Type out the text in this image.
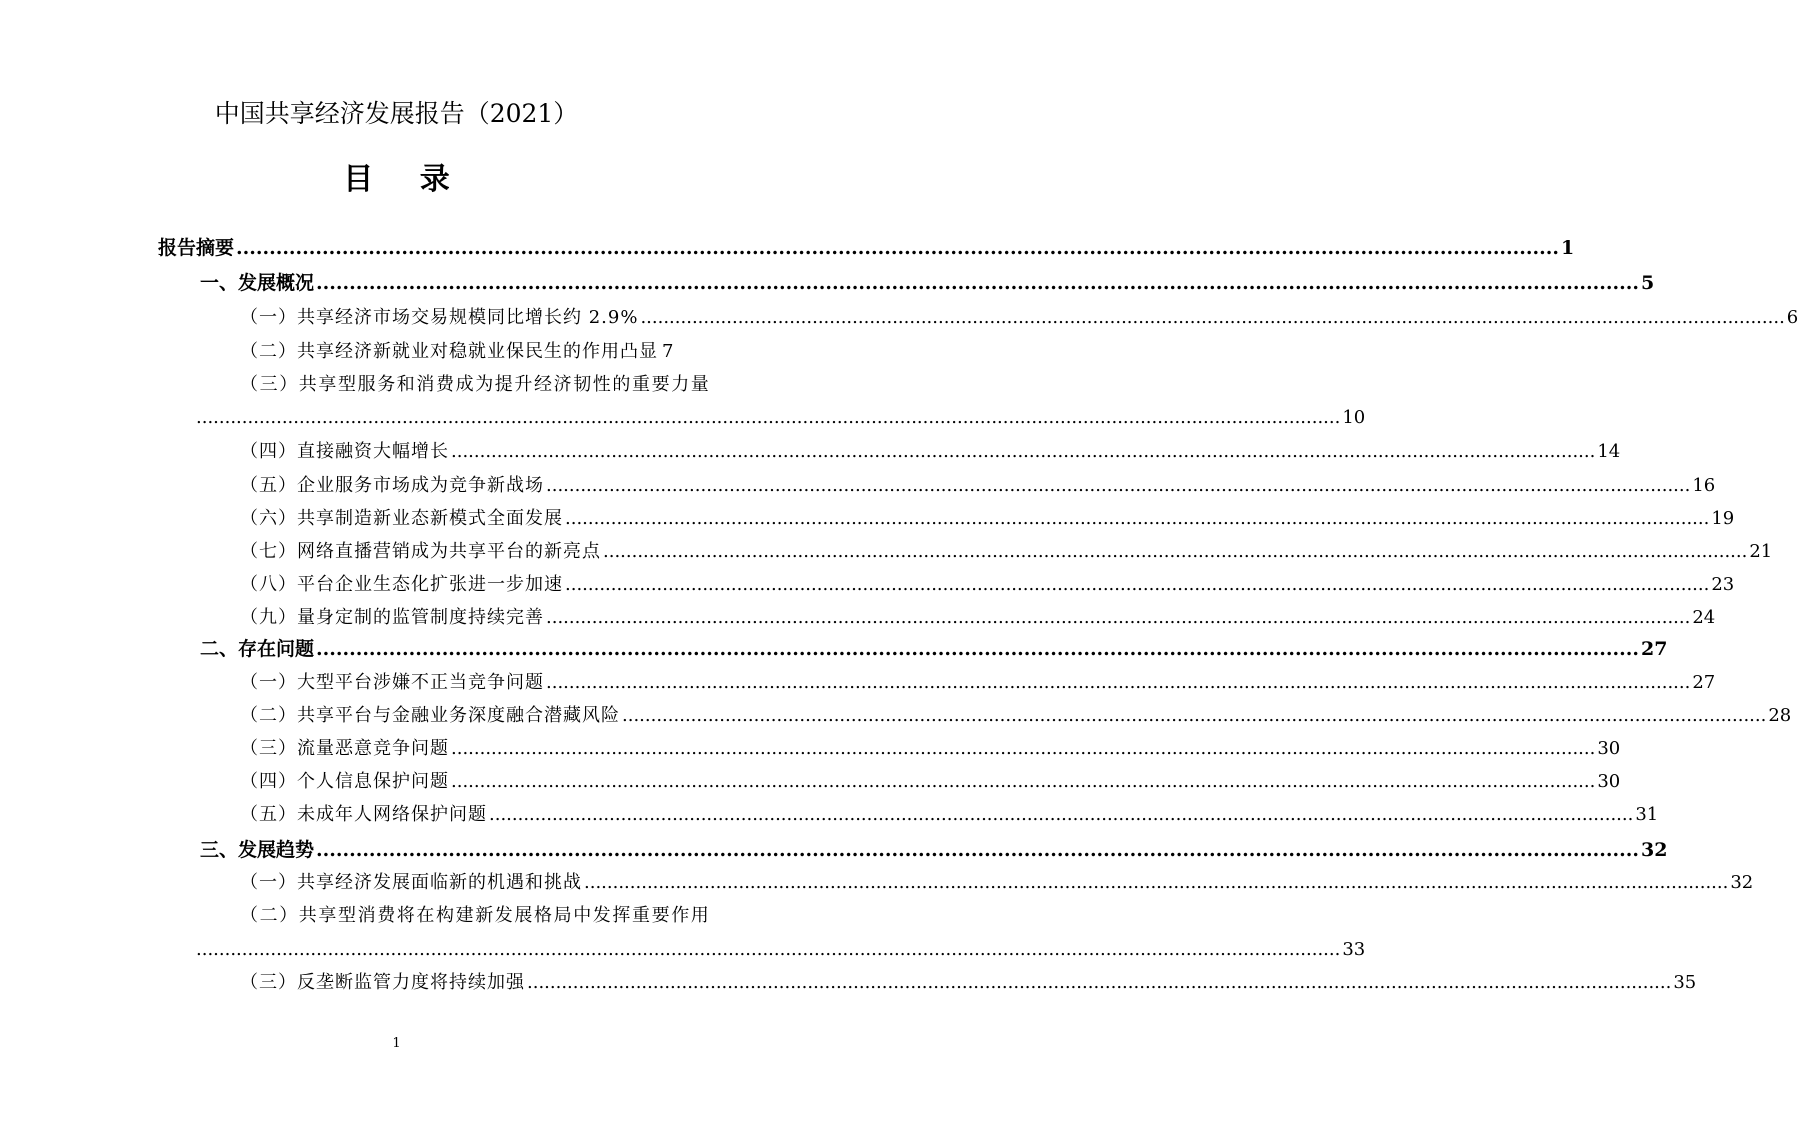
中国共享经济发展报告（2021）
目 录
报告摘要 ........................................................................................................................................................................................................ 1
一、发展概况 ........................................................................................................................................................................................................ 5
（一）共享经济市场交易规模同比增长约 2.9% ........................................................................................................................................................................................................ 6
（二）共享经济新就业对稳就业保民生的作用凸显 7
（三）共享型服务和消费成为提升经济韧性的重要力量
........................................................................................................................................................................................................ 10
（四）直接融资大幅增长 ........................................................................................................................................................................................................ 14
（五）企业服务市场成为竞争新战场 ........................................................................................................................................................................................................ 16
（六）共享制造新业态新模式全面发展 ........................................................................................................................................................................................................ 19
（七）网络直播营销成为共享平台的新亮点 ........................................................................................................................................................................................................ 21
（八）平台企业生态化扩张进一步加速 ........................................................................................................................................................................................................ 23
（九）量身定制的监管制度持续完善 ........................................................................................................................................................................................................ 24
二、存在问题 ........................................................................................................................................................................................................ 27
（一）大型平台涉嫌不正当竞争问题 ........................................................................................................................................................................................................ 27
（二）共享平台与金融业务深度融合潜藏风险 ........................................................................................................................................................................................................ 28
（三）流量恶意竞争问题 ........................................................................................................................................................................................................ 30
（四）个人信息保护问题 ........................................................................................................................................................................................................ 30
（五）未成年人网络保护问题 ........................................................................................................................................................................................................ 31
三、发展趋势 ........................................................................................................................................................................................................ 32
（一）共享经济发展面临新的机遇和挑战 ........................................................................................................................................................................................................ 32
（二）共享型消费将在构建新发展格局中发挥重要作用
........................................................................................................................................................................................................ 33
（三）反垄断监管力度将持续加强 ........................................................................................................................................................................................................ 35
1
